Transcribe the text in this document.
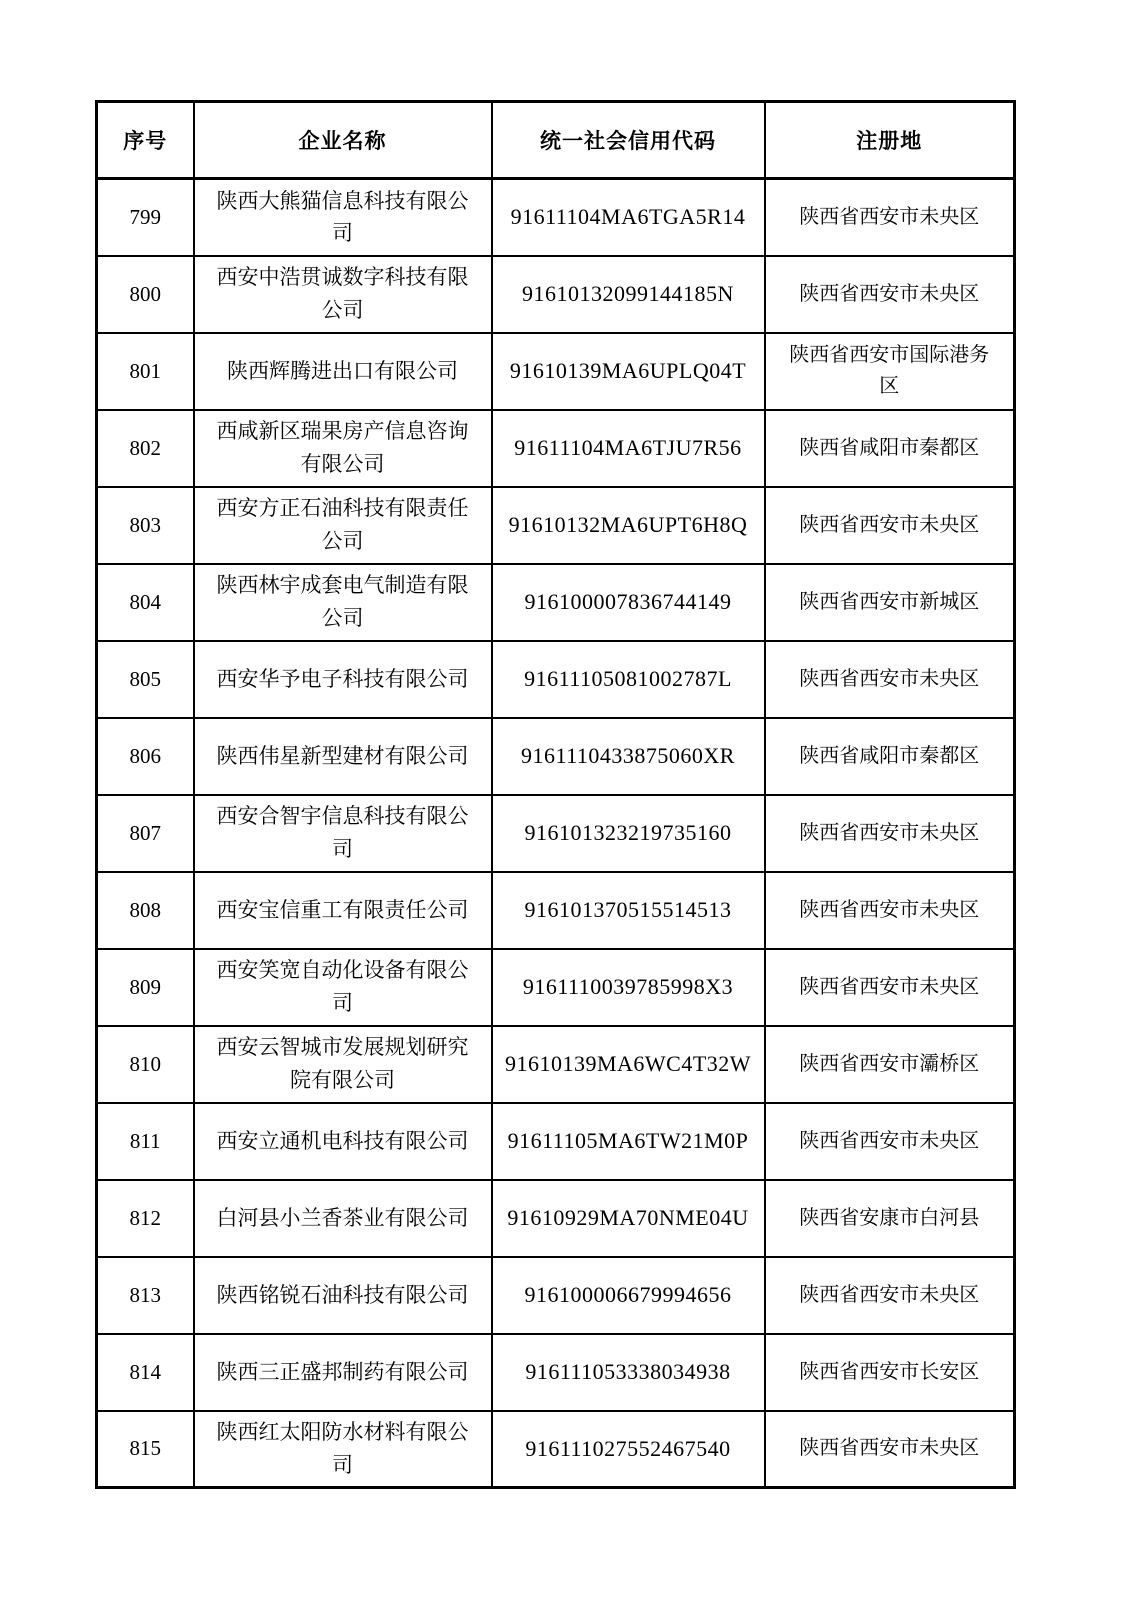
序号	企业名称	统一社会信用代码	注册地
799	陕西大熊猫信息科技有限公司	91611104MA6TGA5R14	陕西省西安市未央区
800	西安中浩贯诚数字科技有限公司	91610132099144185N	陕西省西安市未央区
801	陕西辉腾进出口有限公司	91610139MA6UPLQ04T	陕西省西安市国际港务区
802	西咸新区瑞果房产信息咨询有限公司	91611104MA6TJU7R56	陕西省咸阳市秦都区
803	西安方正石油科技有限责任公司	91610132MA6UPT6H8Q	陕西省西安市未央区
804	陕西林宇成套电气制造有限公司	916100007836744149	陕西省西安市新城区
805	西安华予电子科技有限公司	91611105081002787L	陕西省西安市未央区
806	陕西伟星新型建材有限公司	9161110433875060XR	陕西省咸阳市秦都区
807	西安合智宇信息科技有限公司	916101323219735160	陕西省西安市未央区
808	西安宝信重工有限责任公司	916101370515514513	陕西省西安市未央区
809	西安笑宽自动化设备有限公司	9161110039785998X3	陕西省西安市未央区
810	西安云智城市发展规划研究院有限公司	91610139MA6WC4T32W	陕西省西安市灞桥区
811	西安立通机电科技有限公司	91611105MA6TW21M0P	陕西省西安市未央区
812	白河县小兰香茶业有限公司	91610929MA70NME04U	陕西省安康市白河县
813	陕西铭锐石油科技有限公司	916100006679994656	陕西省西安市未央区
814	陕西三正盛邦制药有限公司	916111053338034938	陕西省西安市长安区
815	陕西红太阳防水材料有限公司	916111027552467540	陕西省西安市未央区
